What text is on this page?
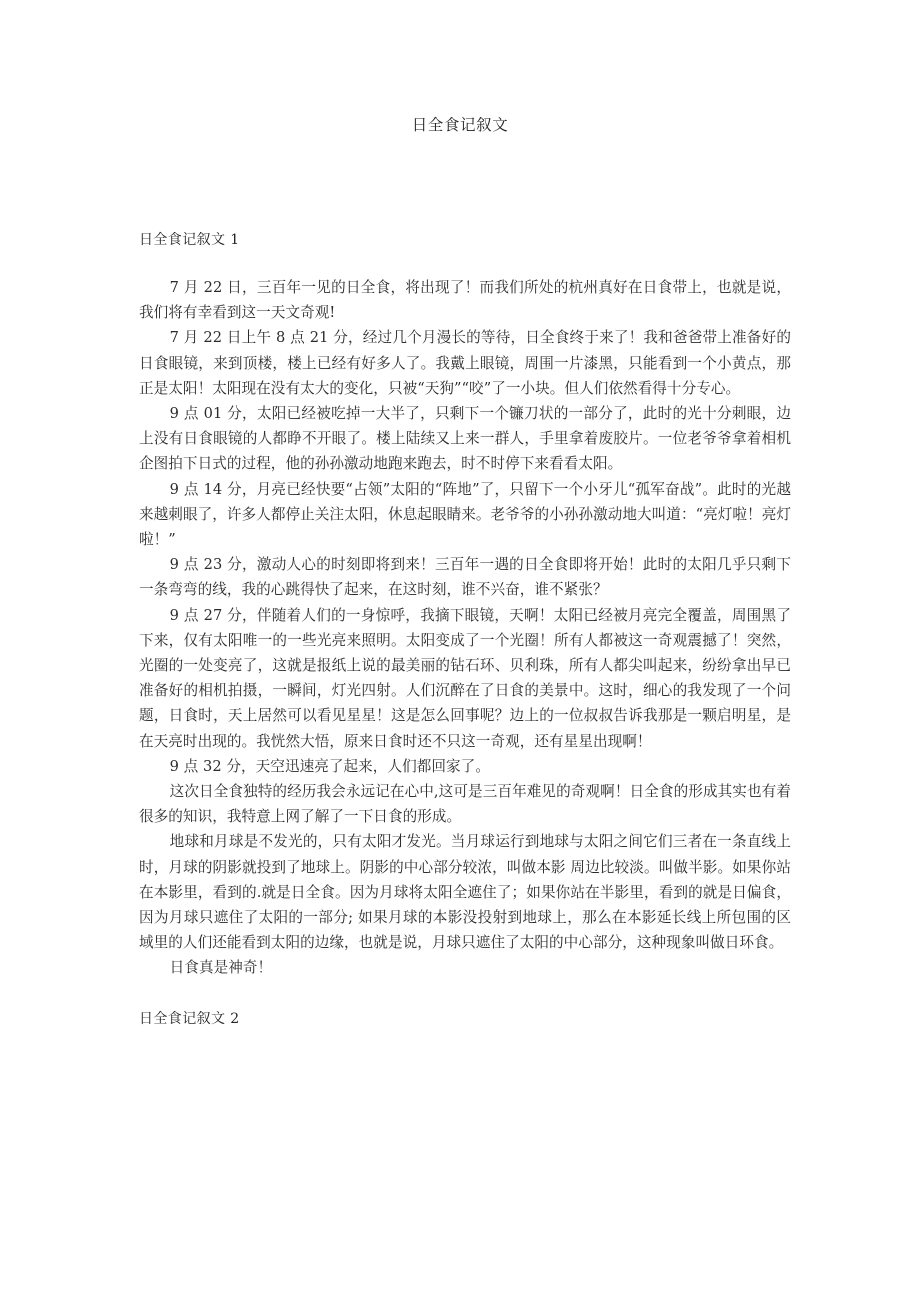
日全食记叙文
日全食记叙文 1

7 月 22 日，三百年一见的日全食，将出现了！而我们所处的杭州真好在日食带上，也就是说，我们将有幸看到这一天文奇观!

7 月 22 日上午 8 点 21 分，经过几个月漫长的等待，日全食终于来了！我和爸爸带上准备好的日食眼镜，来到顶楼，楼上已经有好多人了。我戴上眼镜，周围一片漆黑，只能看到一个小黄点，那正是太阳！太阳现在没有太大的变化，只被“天狗”“咬”了一小块。但人们依然看得十分专心。

9 点 01 分，太阳已经被吃掉一大半了，只剩下一个镰刀状的一部分了，此时的光十分刺眼，边上没有日食眼镜的人都睁不开眼了。楼上陆续又上来一群人，手里拿着废胶片。一位老爷爷拿着相机企图拍下日式的过程，他的孙孙激动地跑来跑去，时不时停下来看看太阳。

9 点 14 分，月亮已经快要“占领”太阳的“阵地”了，只留下一个小牙儿“孤军奋战”。此时的光越来越刺眼了，许多人都停止关注太阳，休息起眼睛来。老爷爷的小孙孙激动地大叫道：“亮灯啦！亮灯啦！”

9 点 23 分，激动人心的时刻即将到来！三百年一遇的日全食即将开始！此时的太阳几乎只剩下一条弯弯的线，我的心跳得快了起来，在这时刻，谁不兴奋，谁不紧张？

9 点 27 分，伴随着人们的一身惊呼，我摘下眼镜，天啊！太阳已经被月亮完全覆盖，周围黑了下来，仅有太阳唯一的一些光亮来照明。太阳变成了一个光圈！所有人都被这一奇观震撼了！突然，光圈的一处变亮了，这就是报纸上说的最美丽的钻石环、贝利珠，所有人都尖叫起来，纷纷拿出早已准备好的相机拍摄，一瞬间，灯光四射。人们沉醉在了日食的美景中。这时，细心的我发现了一个问题，日食时，天上居然可以看见星星！这是怎么回事呢？边上的一位叔叔告诉我那是一颗启明星，是在天亮时出现的。我恍然大悟，原来日食时还不只这一奇观，还有星星出现啊！

9 点 32 分，天空迅速亮了起来，人们都回家了。

这次日全食独特的经历我会永远记在心中,这可是三百年难见的奇观啊！日全食的形成其实也有着很多的知识，我特意上网了解了一下日食的形成。

地球和月球是不发光的，只有太阳才发光。当月球运行到地球与太阳之间它们三者在一条直线上时，月球的阴影就投到了地球上。阴影的中心部分较浓，叫做本影 周边比较淡。叫做半影。如果你站在本影里，看到的.就是日全食。因为月球将太阳全遮住了；如果你站在半影里，看到的就是日偏食，因为月球只遮住了太阳的一部分; 如果月球的本影没投射到地球上，那么在本影延长线上所包围的区域里的人们还能看到太阳的边缘，也就是说，月球只遮住了太阳的中心部分，这种现象叫做日环食。

日食真是神奇！

日全食记叙文 2
